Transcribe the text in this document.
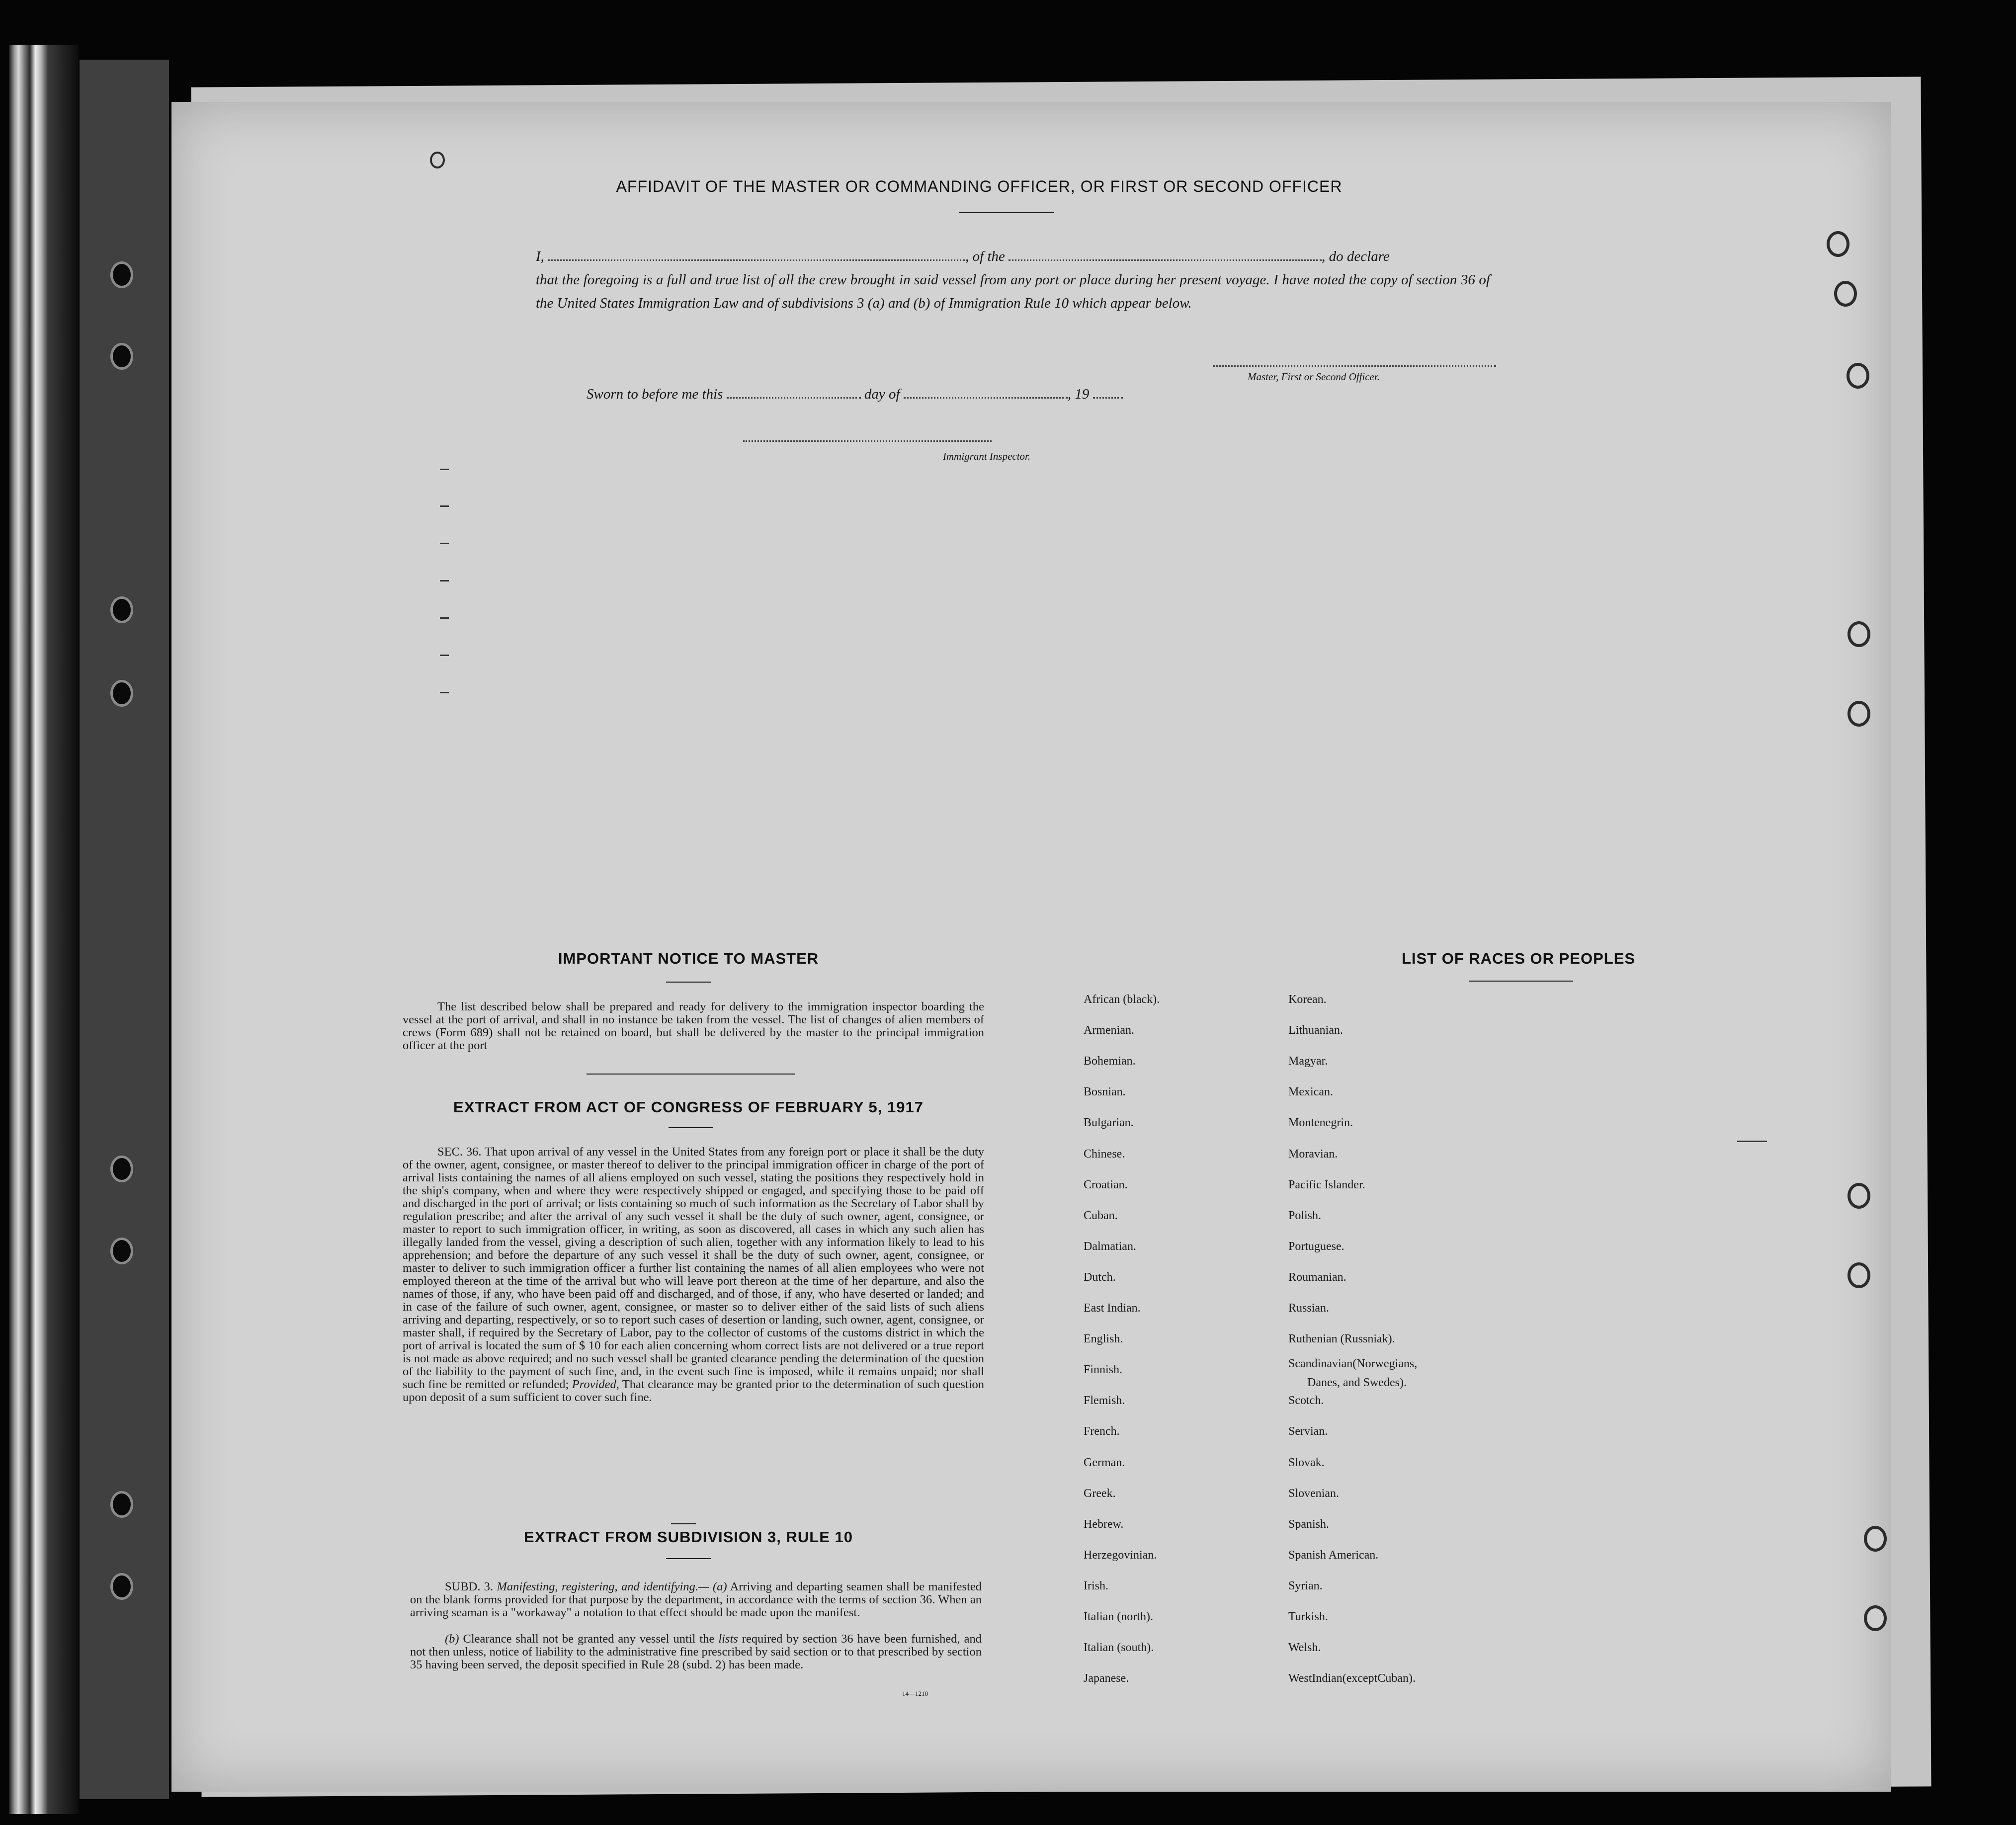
AFFIDAVIT OF THE MASTER OR COMMANDING OFFICER, OR FIRST OR SECOND OFFICER
I,	, of the	, do declare
that the foregoing is a full and true list of all the crew brought in said vessel from any port or place during her present voyage. I have noted the copy of section 36 of the United States Immigration Law and of subdivisions 3 (a) and (b) of Immigration Rule 10 which appear below.
Master, First or Second Officer.
Sworn to before me this	day of	, 19
Immigrant Inspector.
IMPORTANT NOTICE TO MASTER
The list described below shall be prepared and ready for delivery to the immigration inspector boarding the vessel at the port of arrival, and shall in no instance be taken from the vessel. The list of changes of alien members of crews (Form 689) shall not be retained on board, but shall be delivered by the master to the principal immigration officer at the port
EXTRACT FROM ACT OF CONGRESS OF FEBRUARY 5, 1917
SEC. 36. That upon arrival of any vessel in the United States from any foreign port or place it shall be the duty of the owner, agent, consignee, or master thereof to deliver to the principal immigration officer in charge of the port of arrival lists containing the names of all aliens employed on such vessel, stating the positions they respectively hold in the ship's company, when and where they were respectively shipped or engaged, and specifying those to be paid off and discharged in the port of arrival; or lists containing so much of such information as the Secretary of Labor shall by regulation prescribe; and after the arrival of any such vessel it shall be the duty of such owner, agent, consignee, or master to report to such immigration officer, in writing, as soon as discovered, all cases in which any such alien has illegally landed from the vessel, giving a description of such alien, together with any information likely to lead to his apprehension; and before the departure of any such vessel it shall be the duty of such owner, agent, consignee, or master to deliver to such immigration officer a further list containing the names of all alien employees who were not employed thereon at the time of the arrival but who will leave port thereon at the time of her departure, and also the names of those, if any, who have been paid off and discharged, and of those, if any, who have deserted or landed; and in case of the failure of such owner, agent, consignee, or master so to deliver either of the said lists of such aliens arriving and departing, respectively, or so to report such cases of desertion or landing, such owner, agent, consignee, or master shall, if required by the Secretary of Labor, pay to the collector of customs of the customs district in which the port of arrival is located the sum of $ 10 for each alien concerning whom correct lists are not delivered or a true report is not made as above required; and no such vessel shall be granted clearance pending the determination of the question of the liability to the payment of such fine, and, in the event such fine is imposed, while it remains unpaid; nor shall such fine be remitted or refunded; Provided, That clearance may be granted prior to the determination of such question upon deposit of a sum sufficient to cover such fine.
EXTRACT FROM SUBDIVISION 3, RULE 10
SUBD. 3. Manifesting, registering, and identifying.— (a) Arriving and departing seamen shall be manifested on the blank forms provided for that purpose by the department, in accordance with the terms of section 36. When an arriving seaman is a "workaway" a notation to that effect should be made upon the manifest.
(b) Clearance shall not be granted any vessel until the lists required by section 36 have been furnished, and not then unless, notice of liability to the administrative fine prescribed by said section or to that prescribed by section 35 having been served, the deposit specified in Rule 28 (subd. 2) has been made.
14—1210
LIST OF RACES OR PEOPLES
African (black).
Armenian.
Bohemian.
Bosnian.
Bulgarian.
Chinese.
Croatian.
Cuban.
Dalmatian.
Dutch.
East Indian.
English.
Finnish.
Flemish.
French.
German.
Greek.
Hebrew.
Herzegovinian.
Irish.
Italian (north).
Italian (south).
Japanese.
Korean.
Lithuanian.
Magyar.
Mexican.
Montenegrin.
Moravian.
Pacific Islander.
Polish.
Portuguese.
Roumanian.
Russian.
Ruthenian (Russniak).
Scandinavian(Norwegians,
Danes, and Swedes).
Scotch.
Servian.
Slovak.
Slovenian.
Spanish.
Spanish American.
Syrian.
Turkish.
Welsh.
WestIndian(exceptCuban).
